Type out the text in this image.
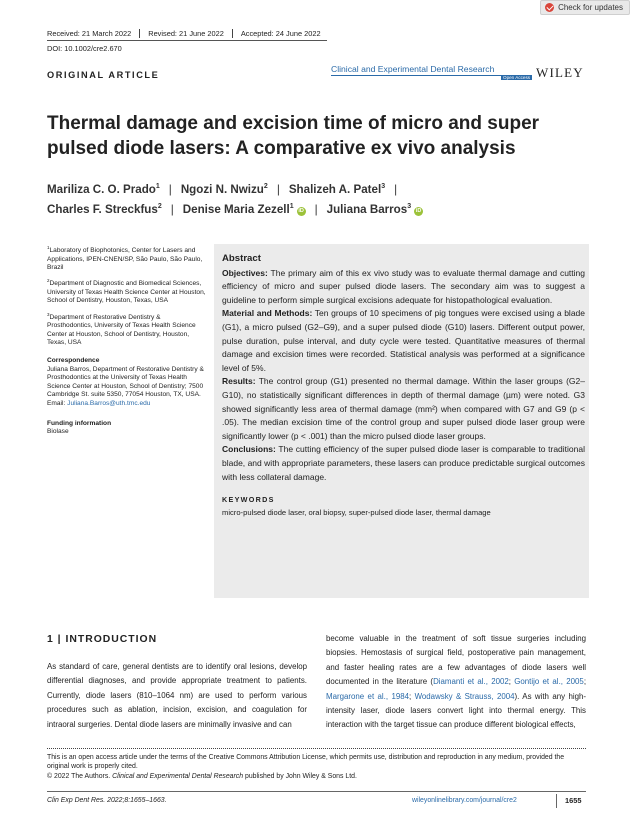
Check for updates
Received: 21 March 2022	Revised: 21 June 2022	Accepted: 24 June 2022
DOI: 10.1002/cre2.670
ORIGINAL ARTICLE
Clinical and Experimental Dental Research
Open Access WILEY
Thermal damage and excision time of micro and super pulsed diode lasers: A comparative ex vivo analysis
Mariliza C. O. Prado$^1$ | Ngozi N. Nwizu$^2$ | Shalizeh A. Patel$^3$ |
Charles F. Streckfus$^2$ | Denise Maria Zezell$^1$iD | Juliana Barros$^3$iD
$^1$Laboratory of Biophotonics, Center for Lasers and Applications, IPEN-CNEN/SP, São Paulo, São Paulo, Brazil
$^2$Department of Diagnostic and Biomedical Sciences, University of Texas Health Science Center at Houston, School of Dentistry, Houston, Texas, USA
$^3$Department of Restorative Dentistry & Prosthodontics, University of Texas Health Science Center at Houston, School of Dentistry, Houston, Texas, USA
Correspondence
Juliana Barros, Department of Restorative Dentistry & Prosthodontics at the University of Texas Health Science Center at Houston, School of Dentistry; 7500 Cambridge St. suite 5350, 77054 Houston, TX, USA.
Email: Juliana.Barros@uth.tmc.edu
Funding information
Biolase
Abstract
Objectives: The primary aim of this ex vivo study was to evaluate thermal damage and cutting efficiency of micro and super pulsed diode lasers. The secondary aim was to suggest a guideline to perform simple surgical excisions adequate for histopathological evaluation.
Material and Methods: Ten groups of 10 specimens of pig tongues were excised using a blade (G1), a micro pulsed (G2–G9), and a super pulsed diode (G10) lasers. Different output power, pulse duration, pulse interval, and duty cycle were tested. Quantitative measures of thermal damage and excision times were recorded. Statistical analysis was performed at a significance level of 5%.
Results: The control group (G1) presented no thermal damage. Within the laser groups (G2–G10), no statistically significant differences in depth of thermal damage (µm) were noted. G3 showed significantly less area of thermal damage (mm²) when compared with G7 and G9 (p < .05). The median excision time of the control group and super pulsed diode laser group were significantly lower (p < .001) than the micro pulsed diode laser groups.
Conclusions: The cutting efficiency of the super pulsed diode laser is comparable to traditional blade, and with appropriate parameters, these lasers can produce predictable surgical outcomes with less collateral damage.
KEYWORDS
micro-pulsed diode laser, oral biopsy, super-pulsed diode laser, thermal damage
1 | INTRODUCTION

As standard of care, general dentists are to identify oral lesions, develop differential diagnoses, and provide appropriate treatment to patients. Currently, diode lasers (810–1064 nm) are used to perform various procedures such as ablation, incision, excision, and coagulation for intraoral surgeries. Dental diode lasers are minimally invasive and can

become valuable in the treatment of soft tissue surgeries including biopsies. Hemostasis of surgical field, postoperative pain management, and faster healing rates are a few advantages of diode lasers well documented in the literature (Diamanti et al., 2002; Gontijo et al., 2005; Margarone et al., 1984; Wodawsky & Strauss, 2004). As with any high-intensity laser, diode lasers convert light into thermal energy. This interaction with the target tissue can produce different biological effects,

This is an open access article under the terms of the Creative Commons Attribution License, which permits use, distribution and reproduction in any medium, provided the original work is properly cited.
© 2022 The Authors. Clinical and Experimental Dental Research published by John Wiley & Sons Ltd.
Clin Exp Dent Res. 2022;8:1655–1663.	wileyonlinelibrary.com/journal/cre2	1655
